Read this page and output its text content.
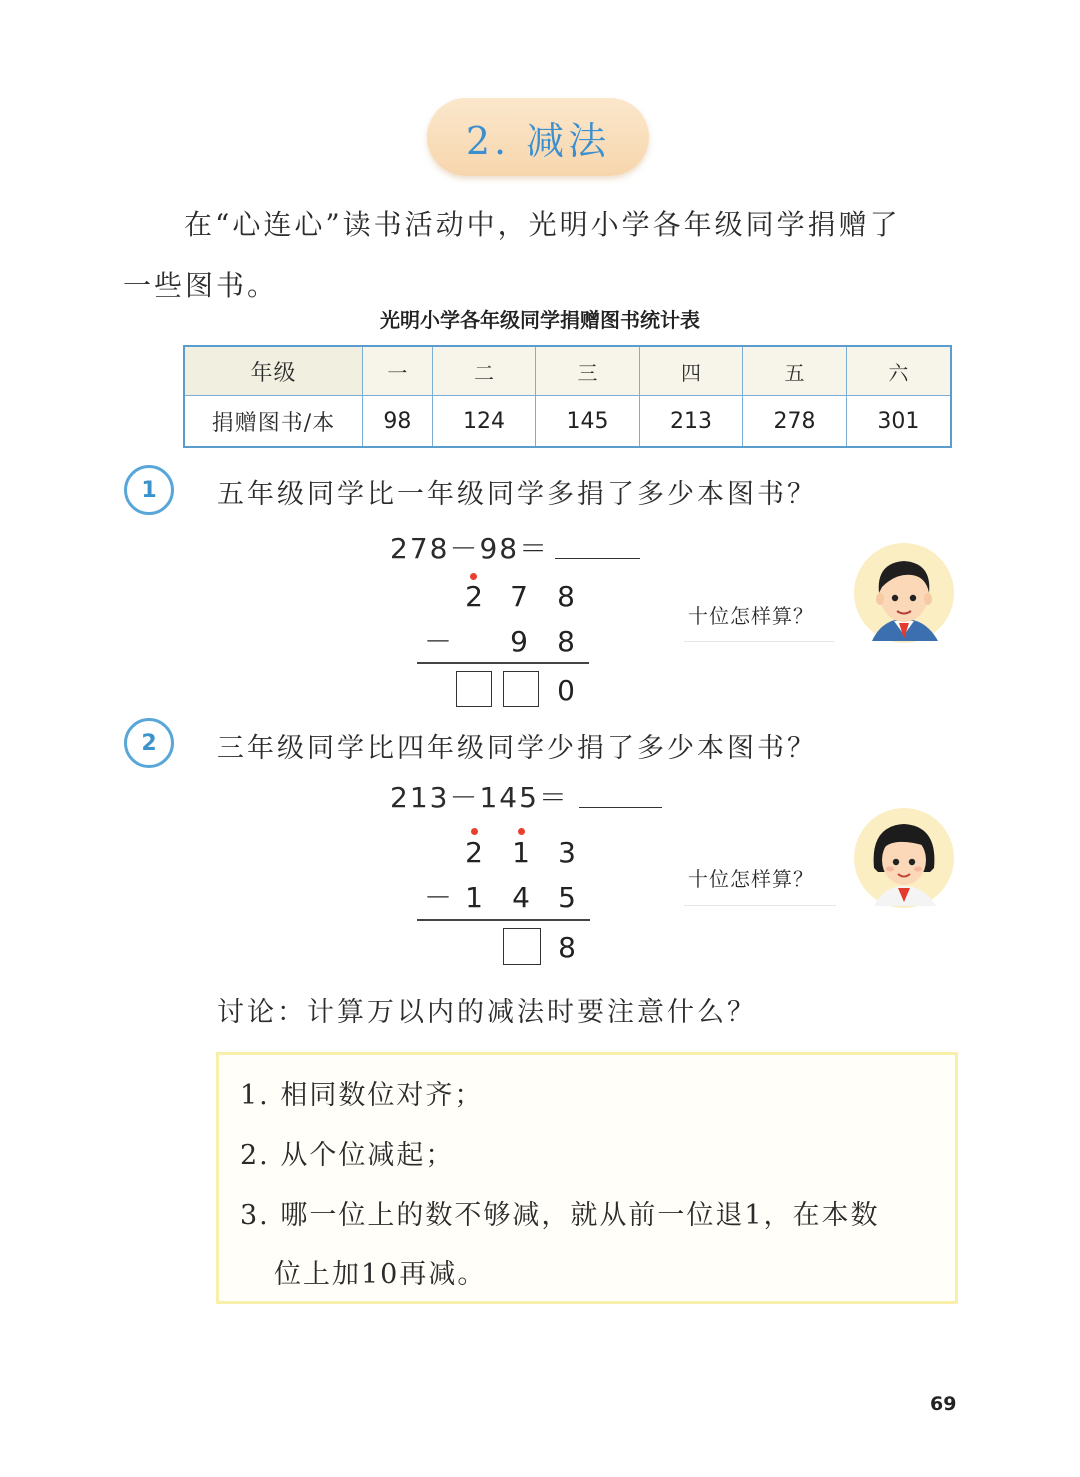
2. 减法
在“心连心”读书活动中，光明小学各年级同学捐赠了
一些图书。
光明小学各年级同学捐赠图书统计表
年级	一	二	三	四	五	六
捐赠图书/本	98	124	145	213	278	301
1	五年级同学比一年级同学多捐了多少本图书？
278－98＝
2 7 8
－ 9 8
0
十位怎样算？
2	三年级同学比四年级同学少捐了多少本图书？
213－145＝
2 1 3
－ 1 4 5
8
十位怎样算？
讨论：计算万以内的减法时要注意什么？
1. 相同数位对齐；
2. 从个位减起；
3. 哪一位上的数不够减，就从前一位退1，在本数
位上加10再减。
69
